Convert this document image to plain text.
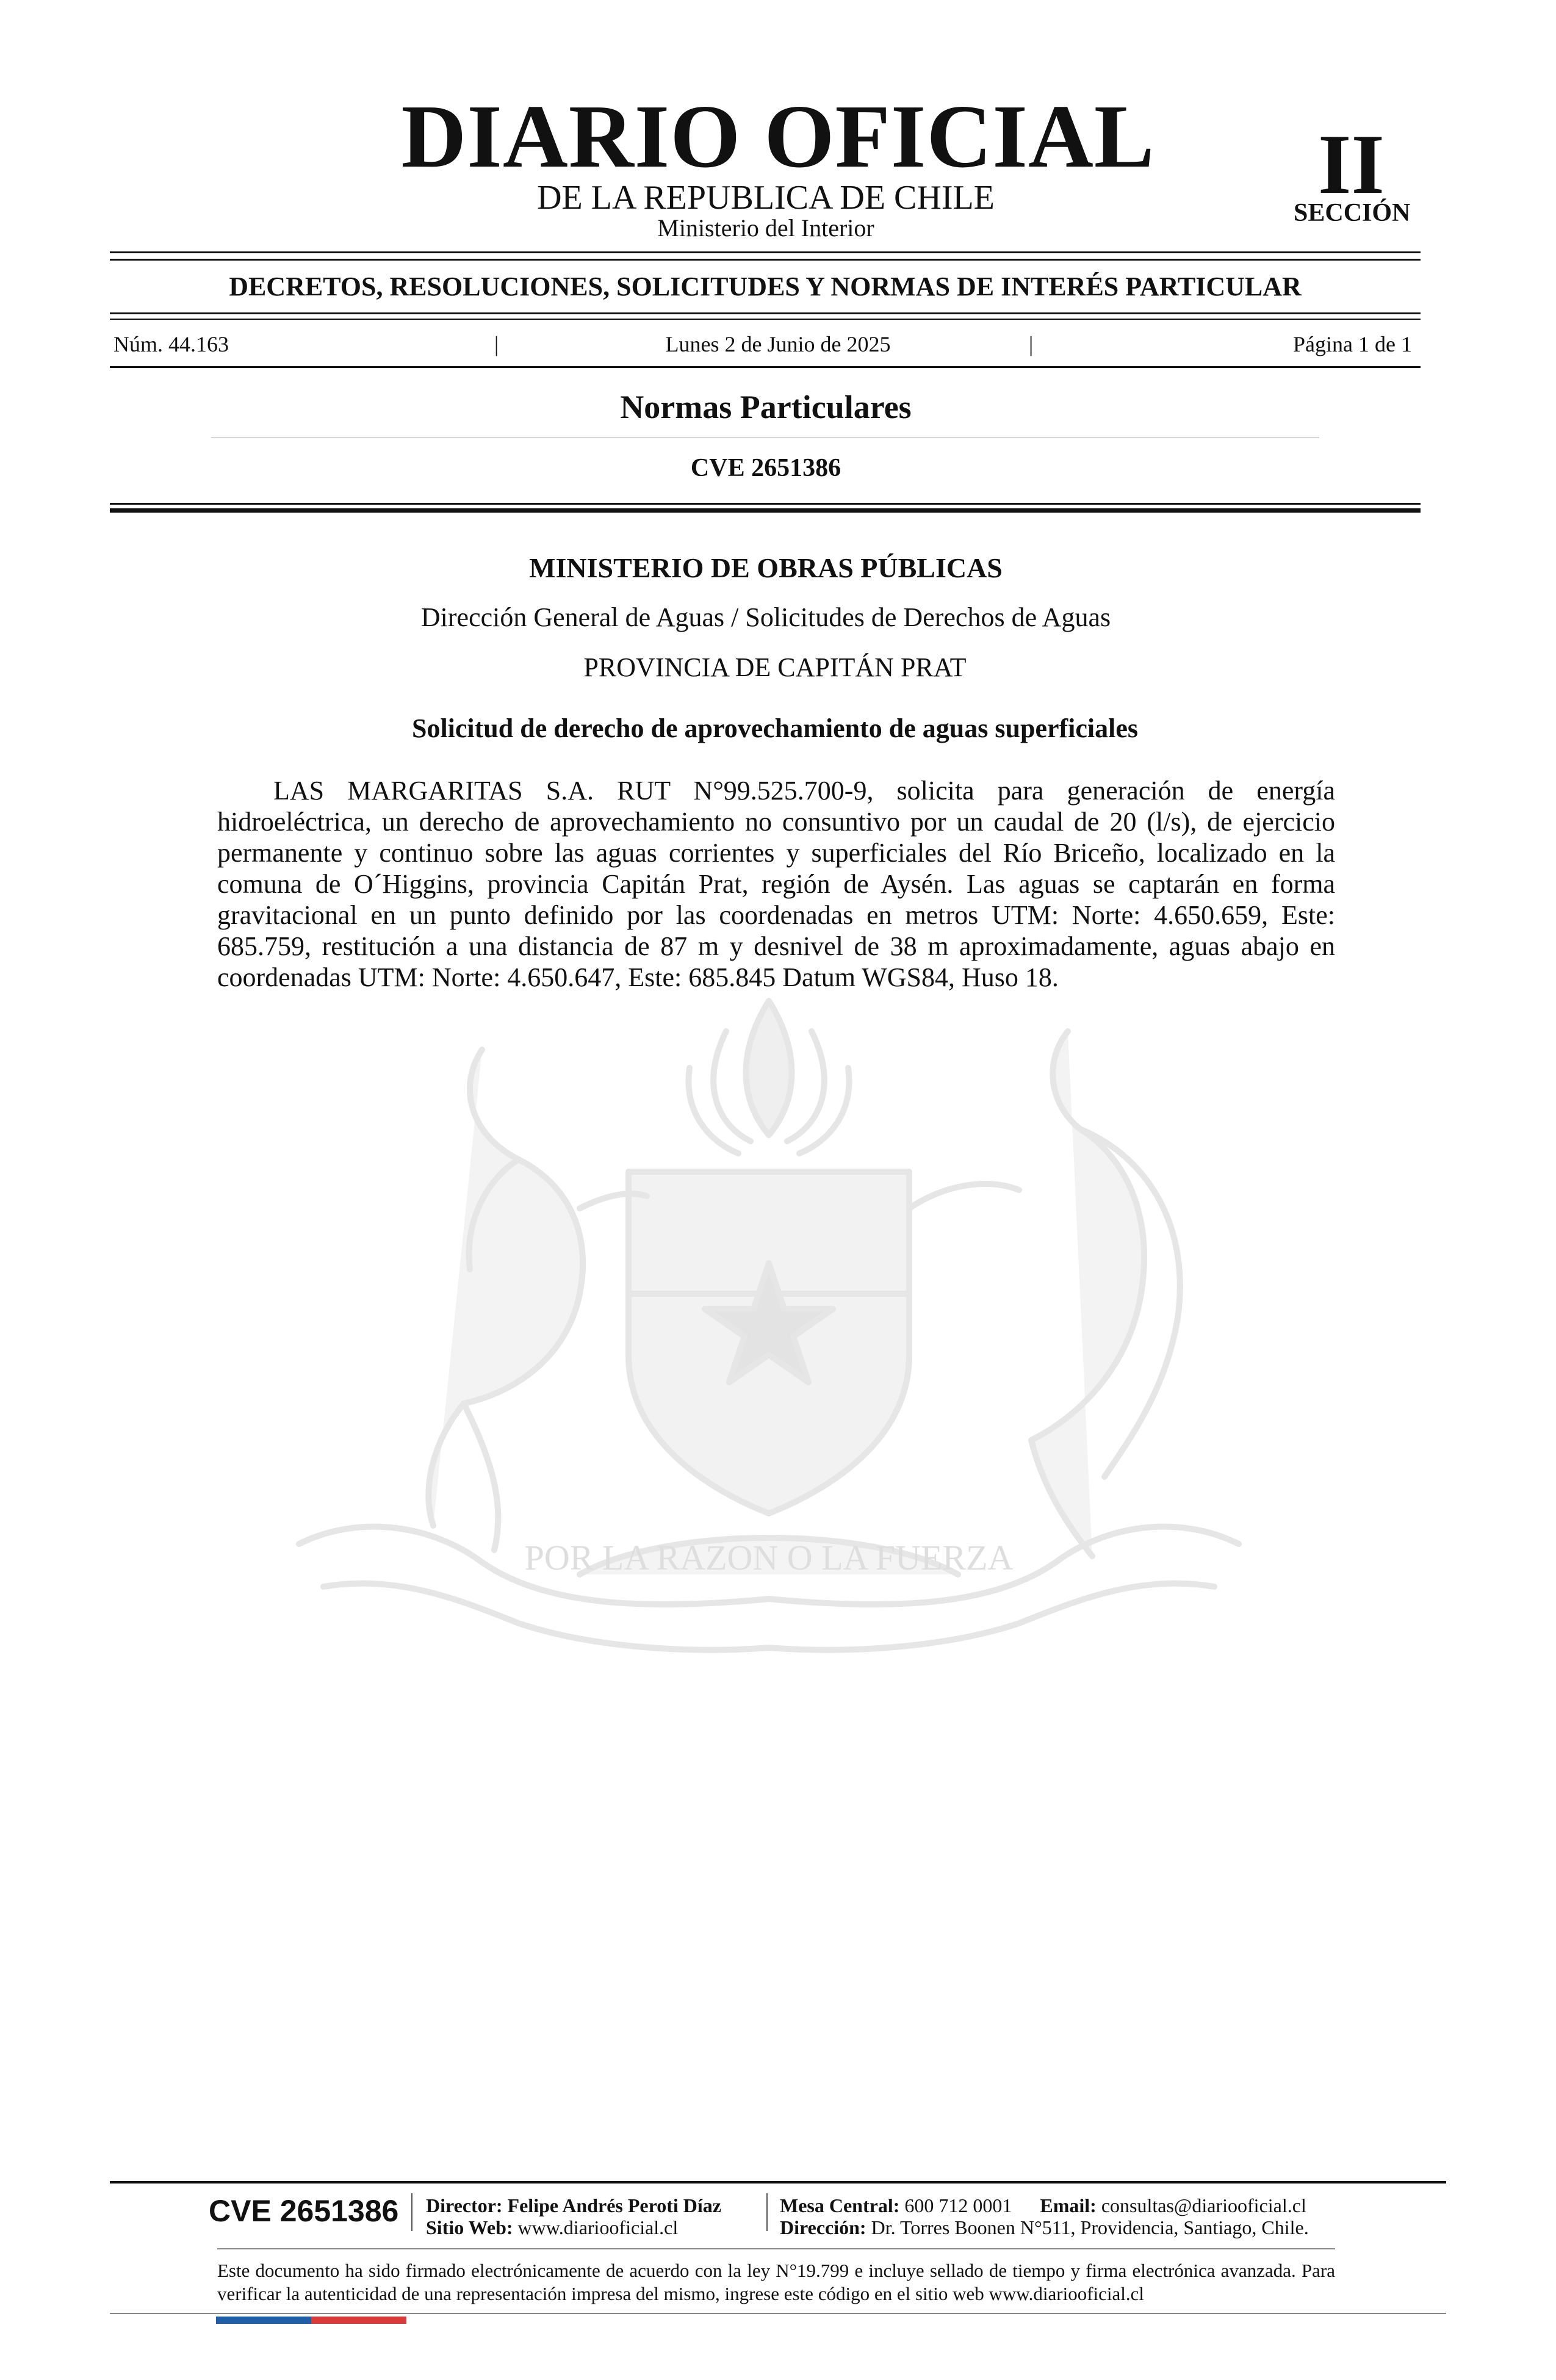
DIARIO OFICIAL
DE LA REPUBLICA DE CHILE
Ministerio del Interior
II
SECCIÓN
DECRETOS, RESOLUCIONES, SOLICITUDES Y NORMAS DE INTERÉS PARTICULAR
Núm. 44.163	|	Lunes 2 de Junio de 2025	|	Página 1 de 1
Normas Particulares
CVE 2651386
POR LA RAZON O LA FUERZA
MINISTERIO DE OBRAS PÚBLICAS
Dirección General de Aguas / Solicitudes de Derechos de Aguas
PROVINCIA DE CAPITÁN PRAT
Solicitud de derecho de aprovechamiento de aguas superficiales
LAS MARGARITAS S.A. RUT N°99.525.700-9, solicita para generación de energía hidroeléctrica, un derecho de aprovechamiento no consuntivo por un caudal de 20 (l/s), de ejercicio permanente y continuo sobre las aguas corrientes y superficiales del Río Briceño, localizado en la comuna de O´Higgins, provincia Capitán Prat, región de Aysén. Las aguas se captarán en forma gravitacional en un punto definido por las coordenadas en metros UTM: Norte: 4.650.659, Este: 685.759, restitución a una distancia de 87 m y desnivel de 38 m aproximadamente, aguas abajo en coordenadas UTM: Norte: 4.650.647, Este: 685.845 Datum WGS84, Huso 18.
CVE 2651386 Director: Felipe Andrés Peroti Díaz
Sitio Web: www.diariooficial.cl
Mesa Central: 600 712 0001 Email: consultas@diariooficial.cl
Dirección: Dr. Torres Boonen N°511, Providencia, Santiago, Chile.
Este documento ha sido firmado electrónicamente de acuerdo con la ley N°19.799 e incluye sellado de tiempo y firma electrónica avanzada. Para verificar la autenticidad de una representación impresa del mismo, ingrese este código en el sitio web www.diariooficial.cl
